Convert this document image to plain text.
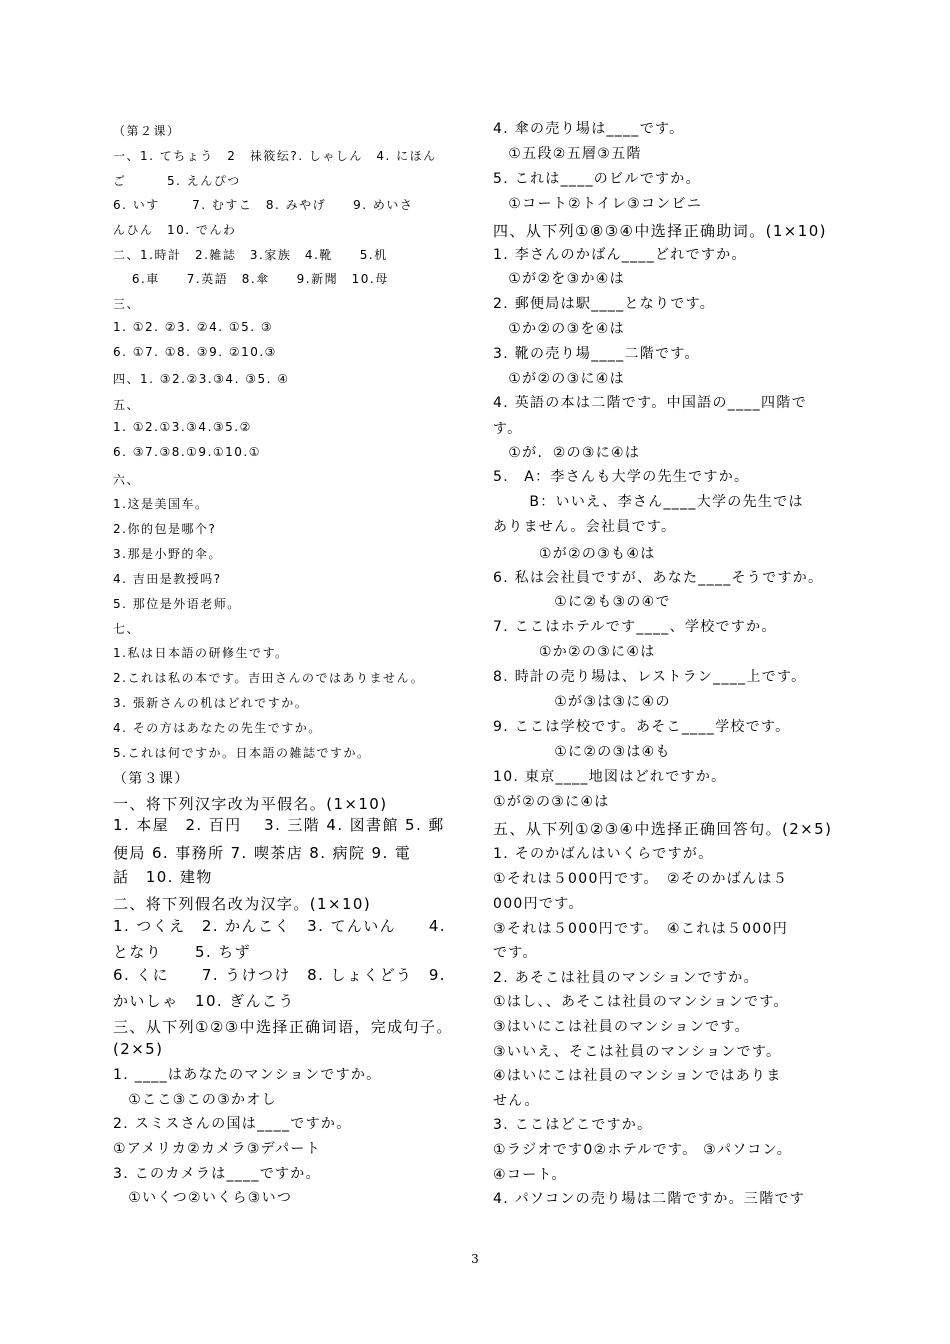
（第２课）
一、1. てちょう　2　祙筱纭?. しゃしん　4. にほん
ご　　　5. えんぴつ
6. いす　　 7. むすこ　8. みやげ　　9. めいさ
んひん　10. でんわ
二、1.時計　2.雑誌　3.家族　4.靴　　5.机
　 6.車　　7.英語　8.傘　　9.新聞　10.母
三、
1. ①2. ②3. ②4. ①5. ③
6. ①7. ①8. ③9. ②10.③
四、1. ③2.②3.③4. ③5. ④
五、
1. ①2.①3.③4.③5.②
6. ③7.③8.①9.①10.①
六、
1.这是美国车。
2.你的包是哪个?
3.那是小野的伞。
4. 吉田是教授吗?
5. 那位是外语老师。
七、
1.私は日本語の研修生です。
2.これは私の本です。吉田さんのではありません。
3. 張新さんの机はどれですか。
4. その方はあなたの先生ですか。
5.これは何ですか。日本語の雑誌ですか。
（第３课）
一、将下列汉字改为平假名。(1×10)
1. 本屋　2. 百円　 3. 三階 4. 図書館 5. 郵
便局 6. 事務所 7. 喫茶店 8. 病院 9. 電
話　10. 建物
二、将下列假名改为汉字。(1×10)
1. つくえ　2. かんこく　3. てんいん　　4.
となり　　5. ちず
6. くに　　7. うけつけ　8. しょくどう　9.
かいしゃ　10. ぎんこう
三、从下列①②③中选择正确词语，完成句子。
(2×5)
1. ____はあなたのマンションですか。
　①ここ③この③かオし
2. スミスさんの国は____ですか。
①アメリカ②カメラ③デパート
3. このカメラは____ですか。
　①いくつ②いくら③いつ
4. 傘の売り場は____です。
　①五段②五層③五階
5. これは____のビルですか。
　①コート②トイレ③コンビニ
四、从下列①⑧③④中选择正确助词。(1×10)
1. 李さんのかばん____どれですか。
　①が②を③か④は
2. 郵便局は駅____となりです。
　①か②の③を④は
3. 靴の売り場____二階です。
　①が②の③に④は
4. 英語の本は二階です。中国語の____四階で
す。
　①が．②の③に④は
5.　A：李さんも大学の先生ですか。
　　 B：いいえ、李さん____大学の先生では
ありません。会社員です。
　　　①が②の③も④は
6. 私は会社員ですが、あなた____そうですか。
　　　　①に②も③の④で
7. ここはホテルです____、学校ですか。
　　　①か②の③に④は
8. 時計の売り場は、レストラン____上です。
　　　　①が③は③に④の
9. ここは学校です。あそこ____学校です。
　　　　①に②の③は④も
10. 東京____地図はどれですか。
①が②の③に④は
五、从下列①②③④中选择正确回答句。(2×5)
1. そのかばんはいくらですが。
①それは５000円です。　②そのかばんは５
000円です。
③それは５000円です。　④これは５000円
です。
2. あそこは社員のマンションですか。
①はし、、あそこは社員のマンションです。
③はいにこは社員のマンションです。
③いいえ、そこは社員のマンションです。
④はいにこは社員のマンションではありま
せん。
3. ここはどこですか。
①ラジオです0②ホテルです。 ③パソコン。
④コート。
4. パソコンの売り場は二階ですか。三階です
3
